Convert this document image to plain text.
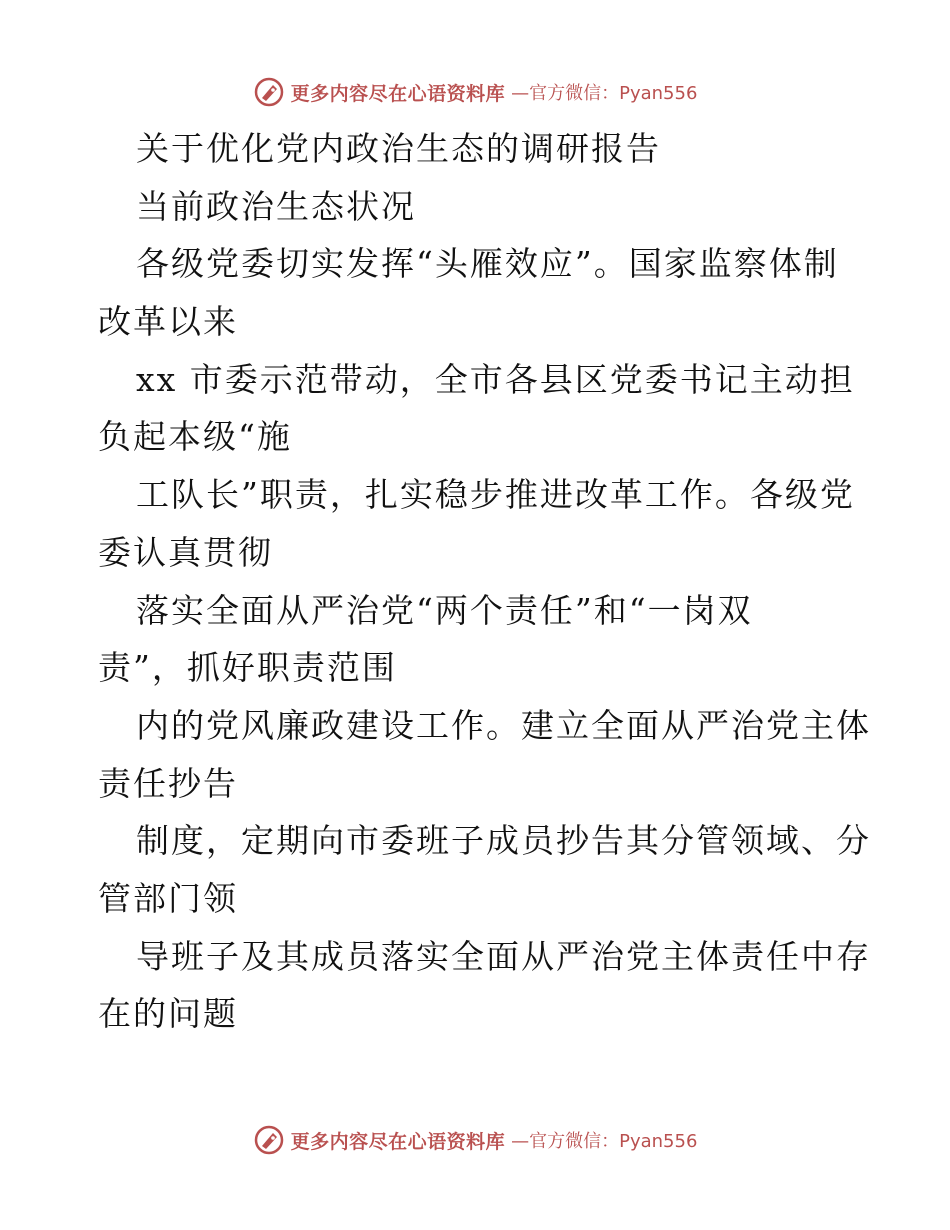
更多内容尽在心语资料库 —官方微信：Pyan556
关于优化党内政治生态的调研报告
当前政治生态状况
各级党委切实发挥“头雁效应”。国家监察体制
改革以来
xx 市委示范带动，全市各县区党委书记主动担
负起本级“施
工队长”职责，扎实稳步推进改革工作。各级党
委认真贯彻
落实全面从严治党“两个责任”和“一岗双
责”，抓好职责范围
内的党风廉政建设工作。建立全面从严治党主体
责任抄告
制度，定期向市委班子成员抄告其分管领域、分
管部门领
导班子及其成员落实全面从严治党主体责任中存
在的问题
更多内容尽在心语资料库 —官方微信：Pyan556
